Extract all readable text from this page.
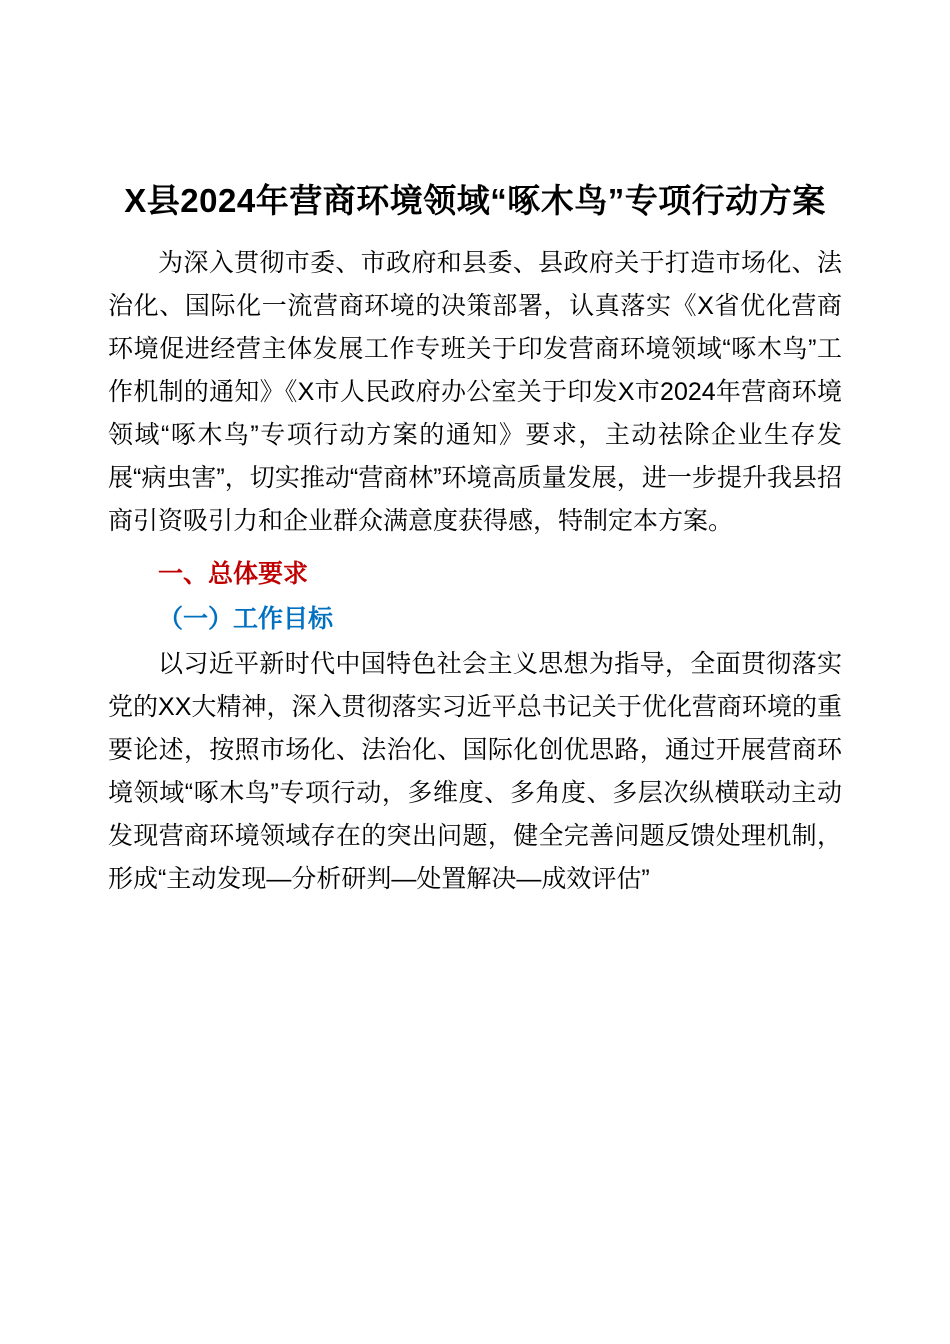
X县2024年营商环境领域“啄木鸟”专项行动方案

为深入贯彻市委、市政府和县委、县政府关于打造市场化、法治化、国际化一流营商环境的决策部署，认真落实《X省优化营商环境促进经营主体发展工作专班关于印发营商环境领域“啄木鸟”工作机制的通知》《X市人民政府办公室关于印发X市2024年营商环境领域“啄木鸟”专项行动方案的通知》要求，主动祛除企业生存发展“病虫害”，切实推动“营商林”环境高质量发展，进一步提升我县招商引资吸引力和企业群众满意度获得感，特制定本方案。

一、总体要求
（一）工作目标

以习近平新时代中国特色社会主义思想为指导，全面贯彻落实党的XX大精神，深入贯彻落实习近平总书记关于优化营商环境的重要论述，按照市场化、法治化、国际化创优思路，通过开展营商环境领域“啄木鸟”专项行动，多维度、多角度、多层次纵横联动主动发现营商环境领域存在的突出问题，健全完善问题反馈处理机制，形成“主动发现—分析研判—处置解决—成效评估”
